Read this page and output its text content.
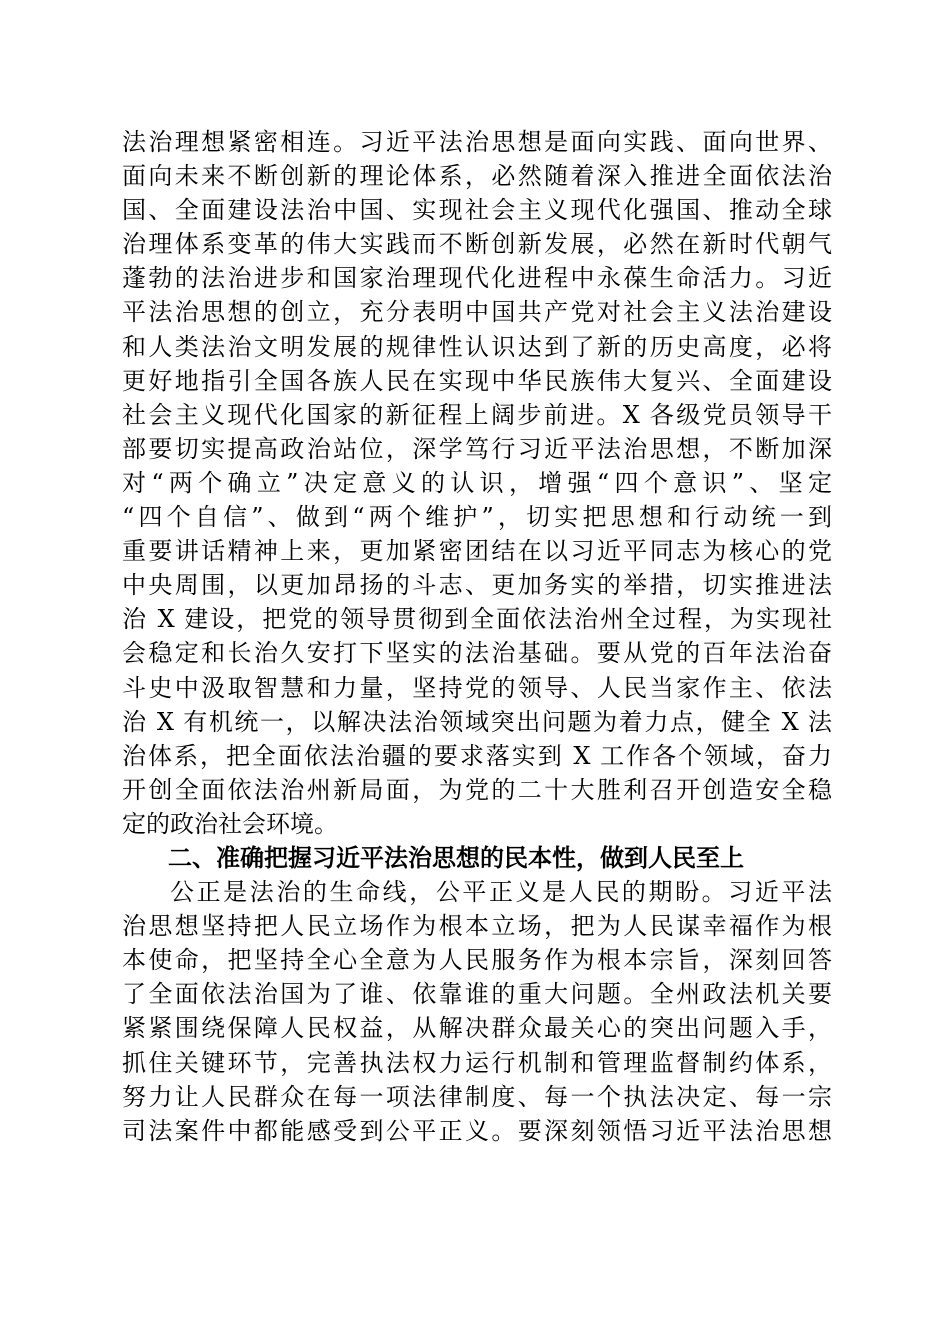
法治理想紧密相连。习近平法治思想是面向实践、面向世界、
面向未来不断创新的理论体系，必然随着深入推进全面依法治
国、全面建设法治中国、实现社会主义现代化强国、推动全球
治理体系变革的伟大实践而不断创新发展，必然在新时代朝气
蓬勃的法治进步和国家治理现代化进程中永葆生命活力。习近
平法治思想的创立，充分表明中国共产党对社会主义法治建设
和人类法治文明发展的规律性认识达到了新的历史高度，必将
更好地指引全国各族人民在实现中华民族伟大复兴、全面建设
社会主义现代化国家的新征程上阔步前进。X 各级党员领导干
部要切实提高政治站位，深学笃行习近平法治思想，不断加深
对“两个确立”决定意义的认识，增强“四个意识”、坚定
“四个自信”、做到“两个维护”，切实把思想和行动统一到
重要讲话精神上来，更加紧密团结在以习近平同志为核心的党
中央周围，以更加昂扬的斗志、更加务实的举措，切实推进法
治 X 建设，把党的领导贯彻到全面依法治州全过程，为实现社
会稳定和长治久安打下坚实的法治基础。要从党的百年法治奋
斗史中汲取智慧和力量，坚持党的领导、人民当家作主、依法
治 X 有机统一，以解决法治领域突出问题为着力点，健全 X 法
治体系，把全面依法治疆的要求落实到 X 工作各个领域，奋力
开创全面依法治州新局面，为党的二十大胜利召开创造安全稳
定的政治社会环境。
二、准确把握习近平法治思想的民本性，做到人民至上
公正是法治的生命线，公平正义是人民的期盼。习近平法
治思想坚持把人民立场作为根本立场，把为人民谋幸福作为根
本使命，把坚持全心全意为人民服务作为根本宗旨，深刻回答
了全面依法治国为了谁、依靠谁的重大问题。全州政法机关要
紧紧围绕保障人民权益，从解决群众最关心的突出问题入手，
抓住关键环节，完善执法权力运行机制和管理监督制约体系，
努力让人民群众在每一项法律制度、每一个执法决定、每一宗
司法案件中都能感受到公平正义。要深刻领悟习近平法治思想
